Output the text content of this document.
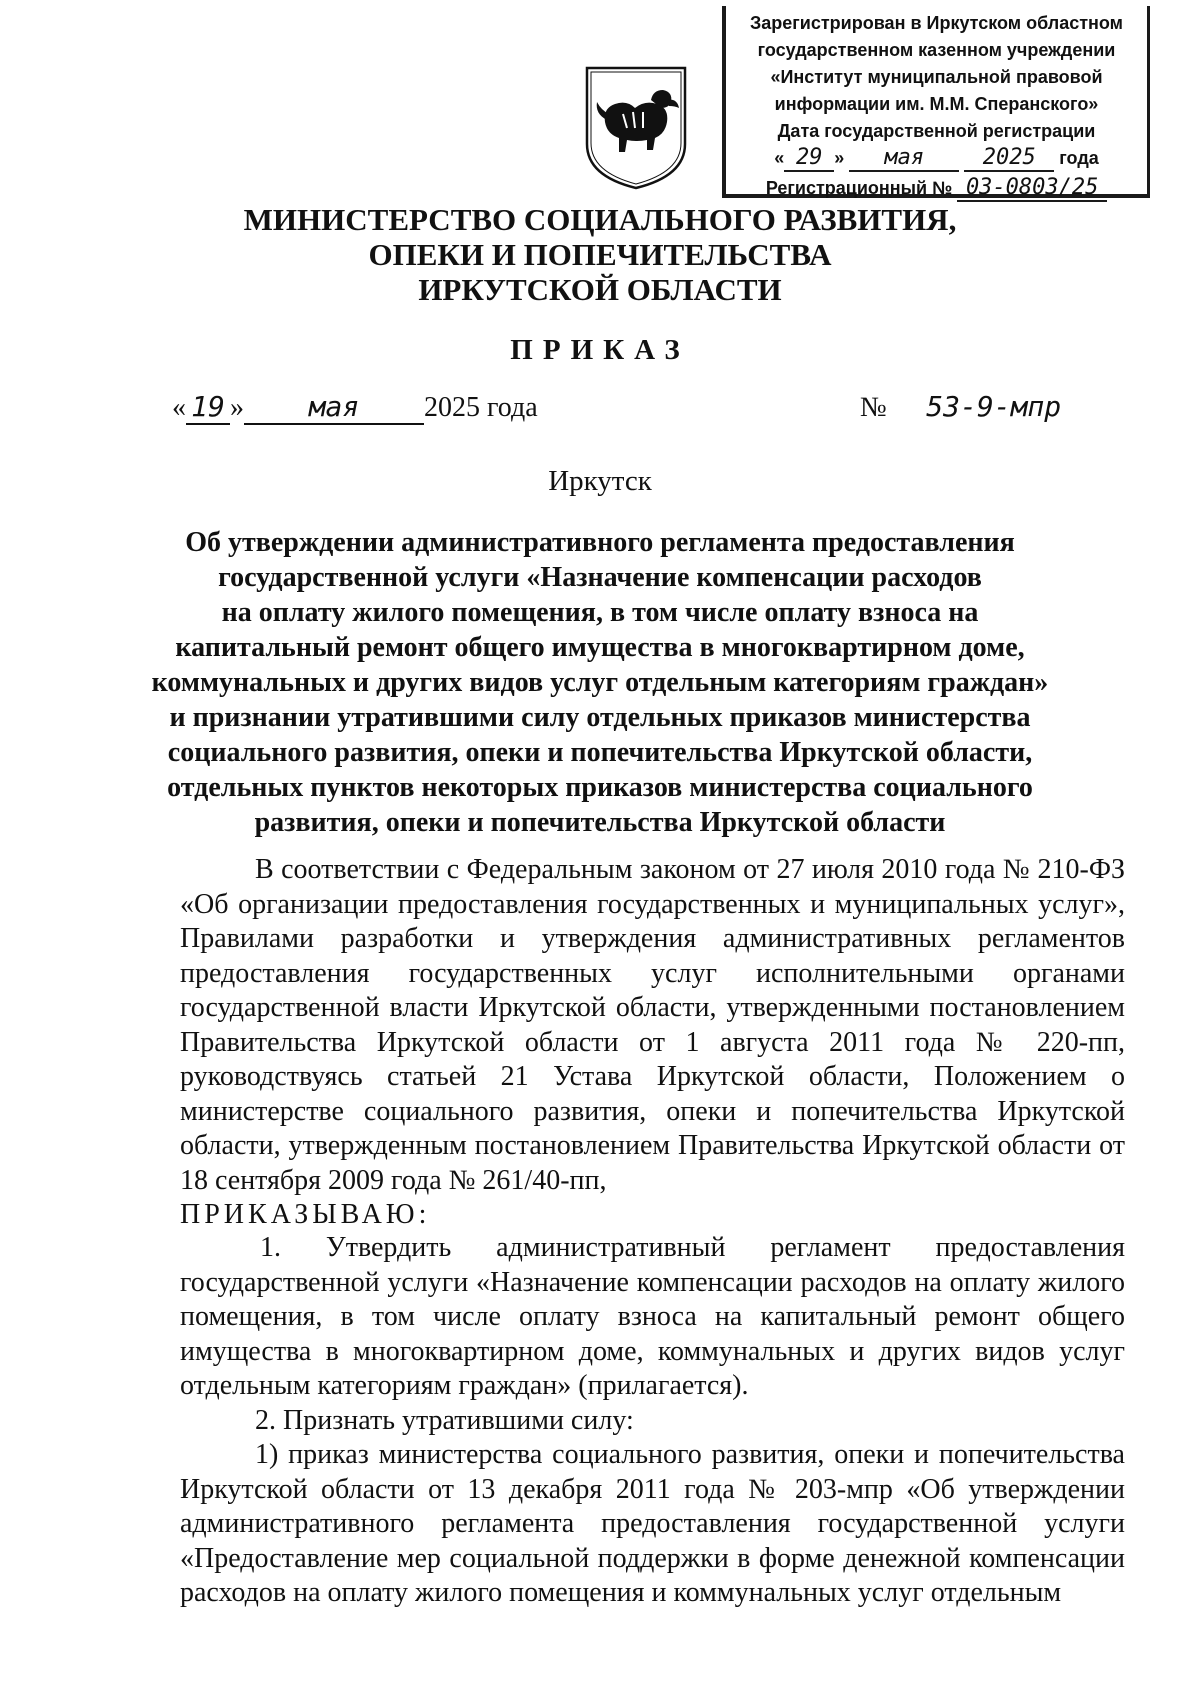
Зарегистрирован в Иркутском областном
государственном казенном учреждении
«Институт муниципальной правовой
информации им. М.М. Сперанского»
Дата государственной регистрации
« 29 » мая	2025 года
Регистрационный № 03-0803/25
МИНИСТЕРСТВО СОЦИАЛЬНОГО РАЗВИТИЯ,
ОПЕКИ И ПОПЕЧИТЕЛЬСТВА
ИРКУТСКОЙ ОБЛАСТИ
ПРИКАЗ
« 19 » мая 2025 года	№ 53-9-мпр
Иркутск
Об утверждении административного регламента предоставления
государственной услуги «Назначение компенсации расходов
на оплату жилого помещения, в том числе оплату взноса на
капитальный ремонт общего имущества в многоквартирном доме,
коммунальных и других видов услуг отдельным категориям граждан»
и признании утратившими силу отдельных приказов министерства
социального развития, опеки и попечительства Иркутской области,
отдельных пунктов некоторых приказов министерства социального
развития, опеки и попечительства Иркутской области

В соответствии с Федеральным законом от 27 июля 2010 года № 210-ФЗ «Об организации предоставления государственных и муниципальных услуг», Правилами разработки и утверждения административных регламентов предоставления государственных услуг исполнительными органами государственной власти Иркутской области, утвержденными постановлением Правительства Иркутской области от 1 августа 2011 года № 220-пп, руководствуясь статьей 21 Устава Иркутской области, Положением о министерстве социального развития, опеки и попечительства Иркутской области, утвержденным постановлением Правительства Иркутской области от 18 сентября 2009 года № 261/40-пп,

ПРИКАЗЫВАЮ:

1. Утвердить административный регламент предоставления государственной услуги «Назначение компенсации расходов на оплату жилого помещения, в том числе оплату взноса на капитальный ремонт общего имущества в многоквартирном доме, коммунальных и других видов услуг отдельным категориям граждан» (прилагается).

2. Признать утратившими силу:

1) приказ министерства социального развития, опеки и попечительства Иркутской области от 13 декабря 2011 года № 203-мпр «Об утверждении административного регламента предоставления государственной услуги «Предоставление мер социальной поддержки в форме денежной компенсации расходов на оплату жилого помещения и коммунальных услуг отдельным
